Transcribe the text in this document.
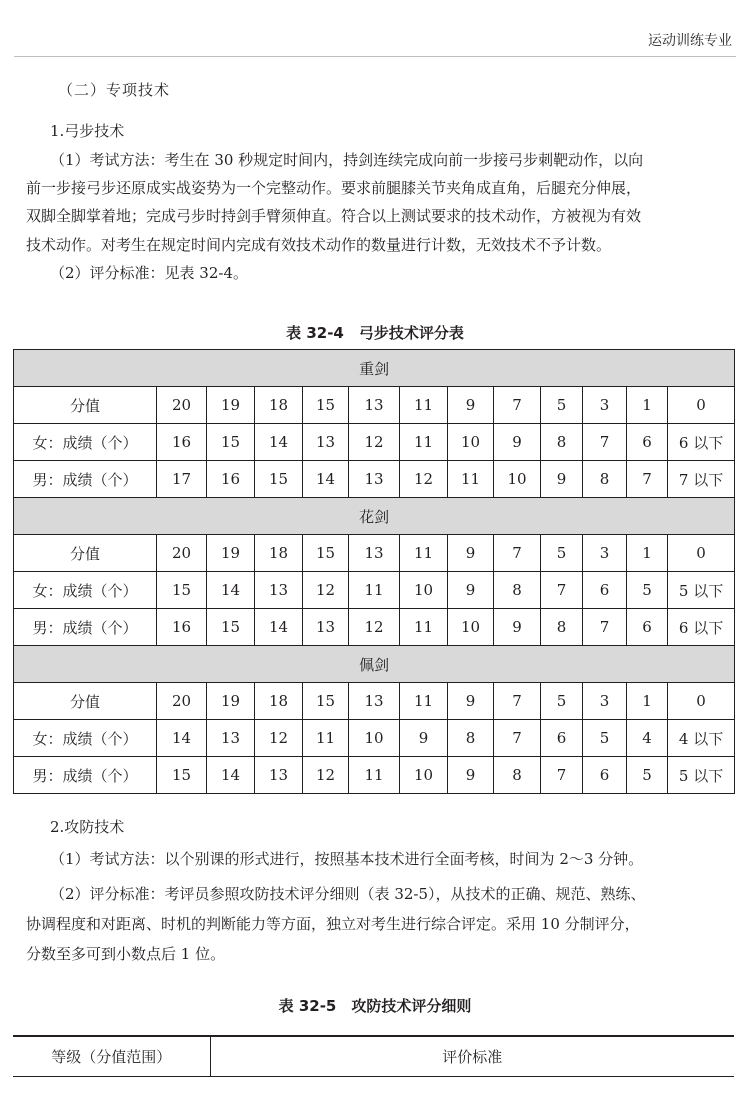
运动训练专业
（二）专项技术
1.弓步技术
（1）考试方法：考生在 30 秒规定时间内，持剑连续完成向前一步接弓步刺靶动作，以向
前一步接弓步还原成实战姿势为一个完整动作。要求前腿膝关节夹角成直角，后腿充分伸展，
双脚全脚掌着地；完成弓步时持剑手臂须伸直。符合以上测试要求的技术动作，方被视为有效
技术动作。对考生在规定时间内完成有效技术动作的数量进行计数，无效技术不予计数。
（2）评分标准：见表 32-4。
表 32-4　弓步技术评分表
重剑												
分值	20	19	18	15	13	11	9	7	5	3	1	0
女：成绩（个）	16	15	14	13	12	11	10	9	8	7	6	6 以下
男：成绩（个）	17	16	15	14	13	12	11	10	9	8	7	7 以下
花剑												
分值	20	19	18	15	13	11	9	7	5	3	1	0
女：成绩（个）	15	14	13	12	11	10	9	8	7	6	5	5 以下
男：成绩（个）	16	15	14	13	12	11	10	9	8	7	6	6 以下
佩剑												
分值	20	19	18	15	13	11	9	7	5	3	1	0
女：成绩（个）	14	13	12	11	10	9	8	7	6	5	4	4 以下
男：成绩（个）	15	14	13	12	11	10	9	8	7	6	5	5 以下
2.攻防技术
（1）考试方法：以个别课的形式进行，按照基本技术进行全面考核，时间为 2～3 分钟。
（2）评分标准：考评员参照攻防技术评分细则（表 32-5），从技术的正确、规范、熟练、
协调程度和对距离、时机的判断能力等方面，独立对考生进行综合评定。采用 10 分制评分，
分数至多可到小数点后 1 位。
表 32-5　攻防技术评分细则
等级（分值范围）	评价标准
